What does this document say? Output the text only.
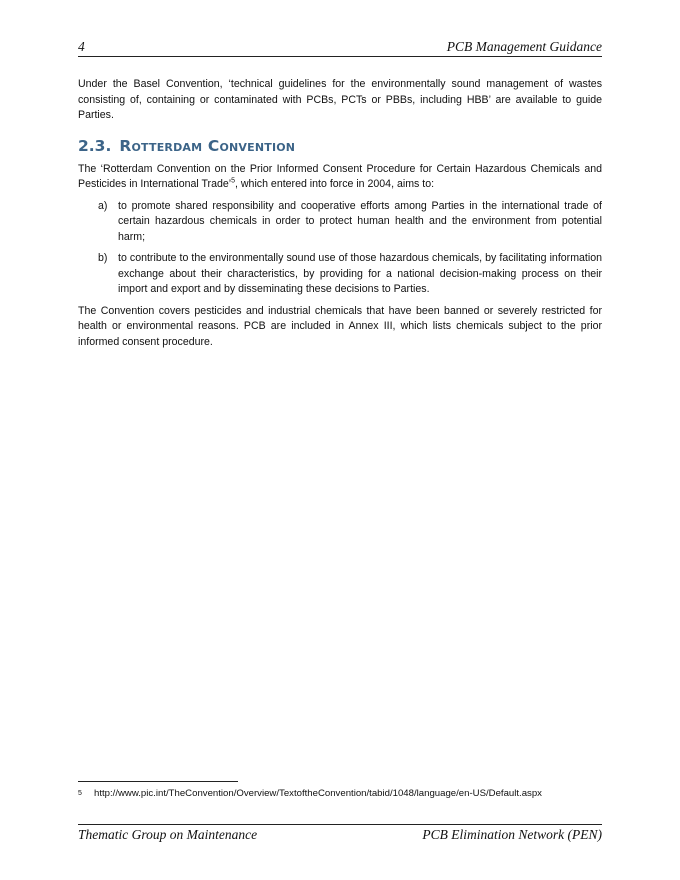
4	PCB Management Guidance

Under the Basel Convention, ‘technical guidelines for the environmentally sound management of wastes consisting of, containing or contaminated with PCBs, PCTs or PBBs, including HBB’ are available to guide Parties.

2.3. Rotterdam Convention

The ‘Rotterdam Convention on the Prior Informed Consent Procedure for Certain Hazardous Chemicals and Pesticides in International Trade’$^5$, which entered into force in 2004, aims to:

a) to promote shared responsibility and cooperative efforts among Parties in the international trade of certain hazardous chemicals in order to protect human health and the environment from potential harm;
b) to contribute to the environmentally sound use of those hazardous chemicals, by facilitating information exchange about their characteristics, by providing for a national decision-making process on their import and export and by disseminating these decisions to Parties.

The Convention covers pesticides and industrial chemicals that have been banned or severely restricted for health or environmental reasons. PCB are included in Annex III, which lists chemicals subject to the prior informed consent procedure.

5 http://www.pic.int/TheConvention/Overview/TextoftheConvention/tabid/1048/language/en-US/Default.aspx
Thematic Group on Maintenance	PCB Elimination Network (PEN)
